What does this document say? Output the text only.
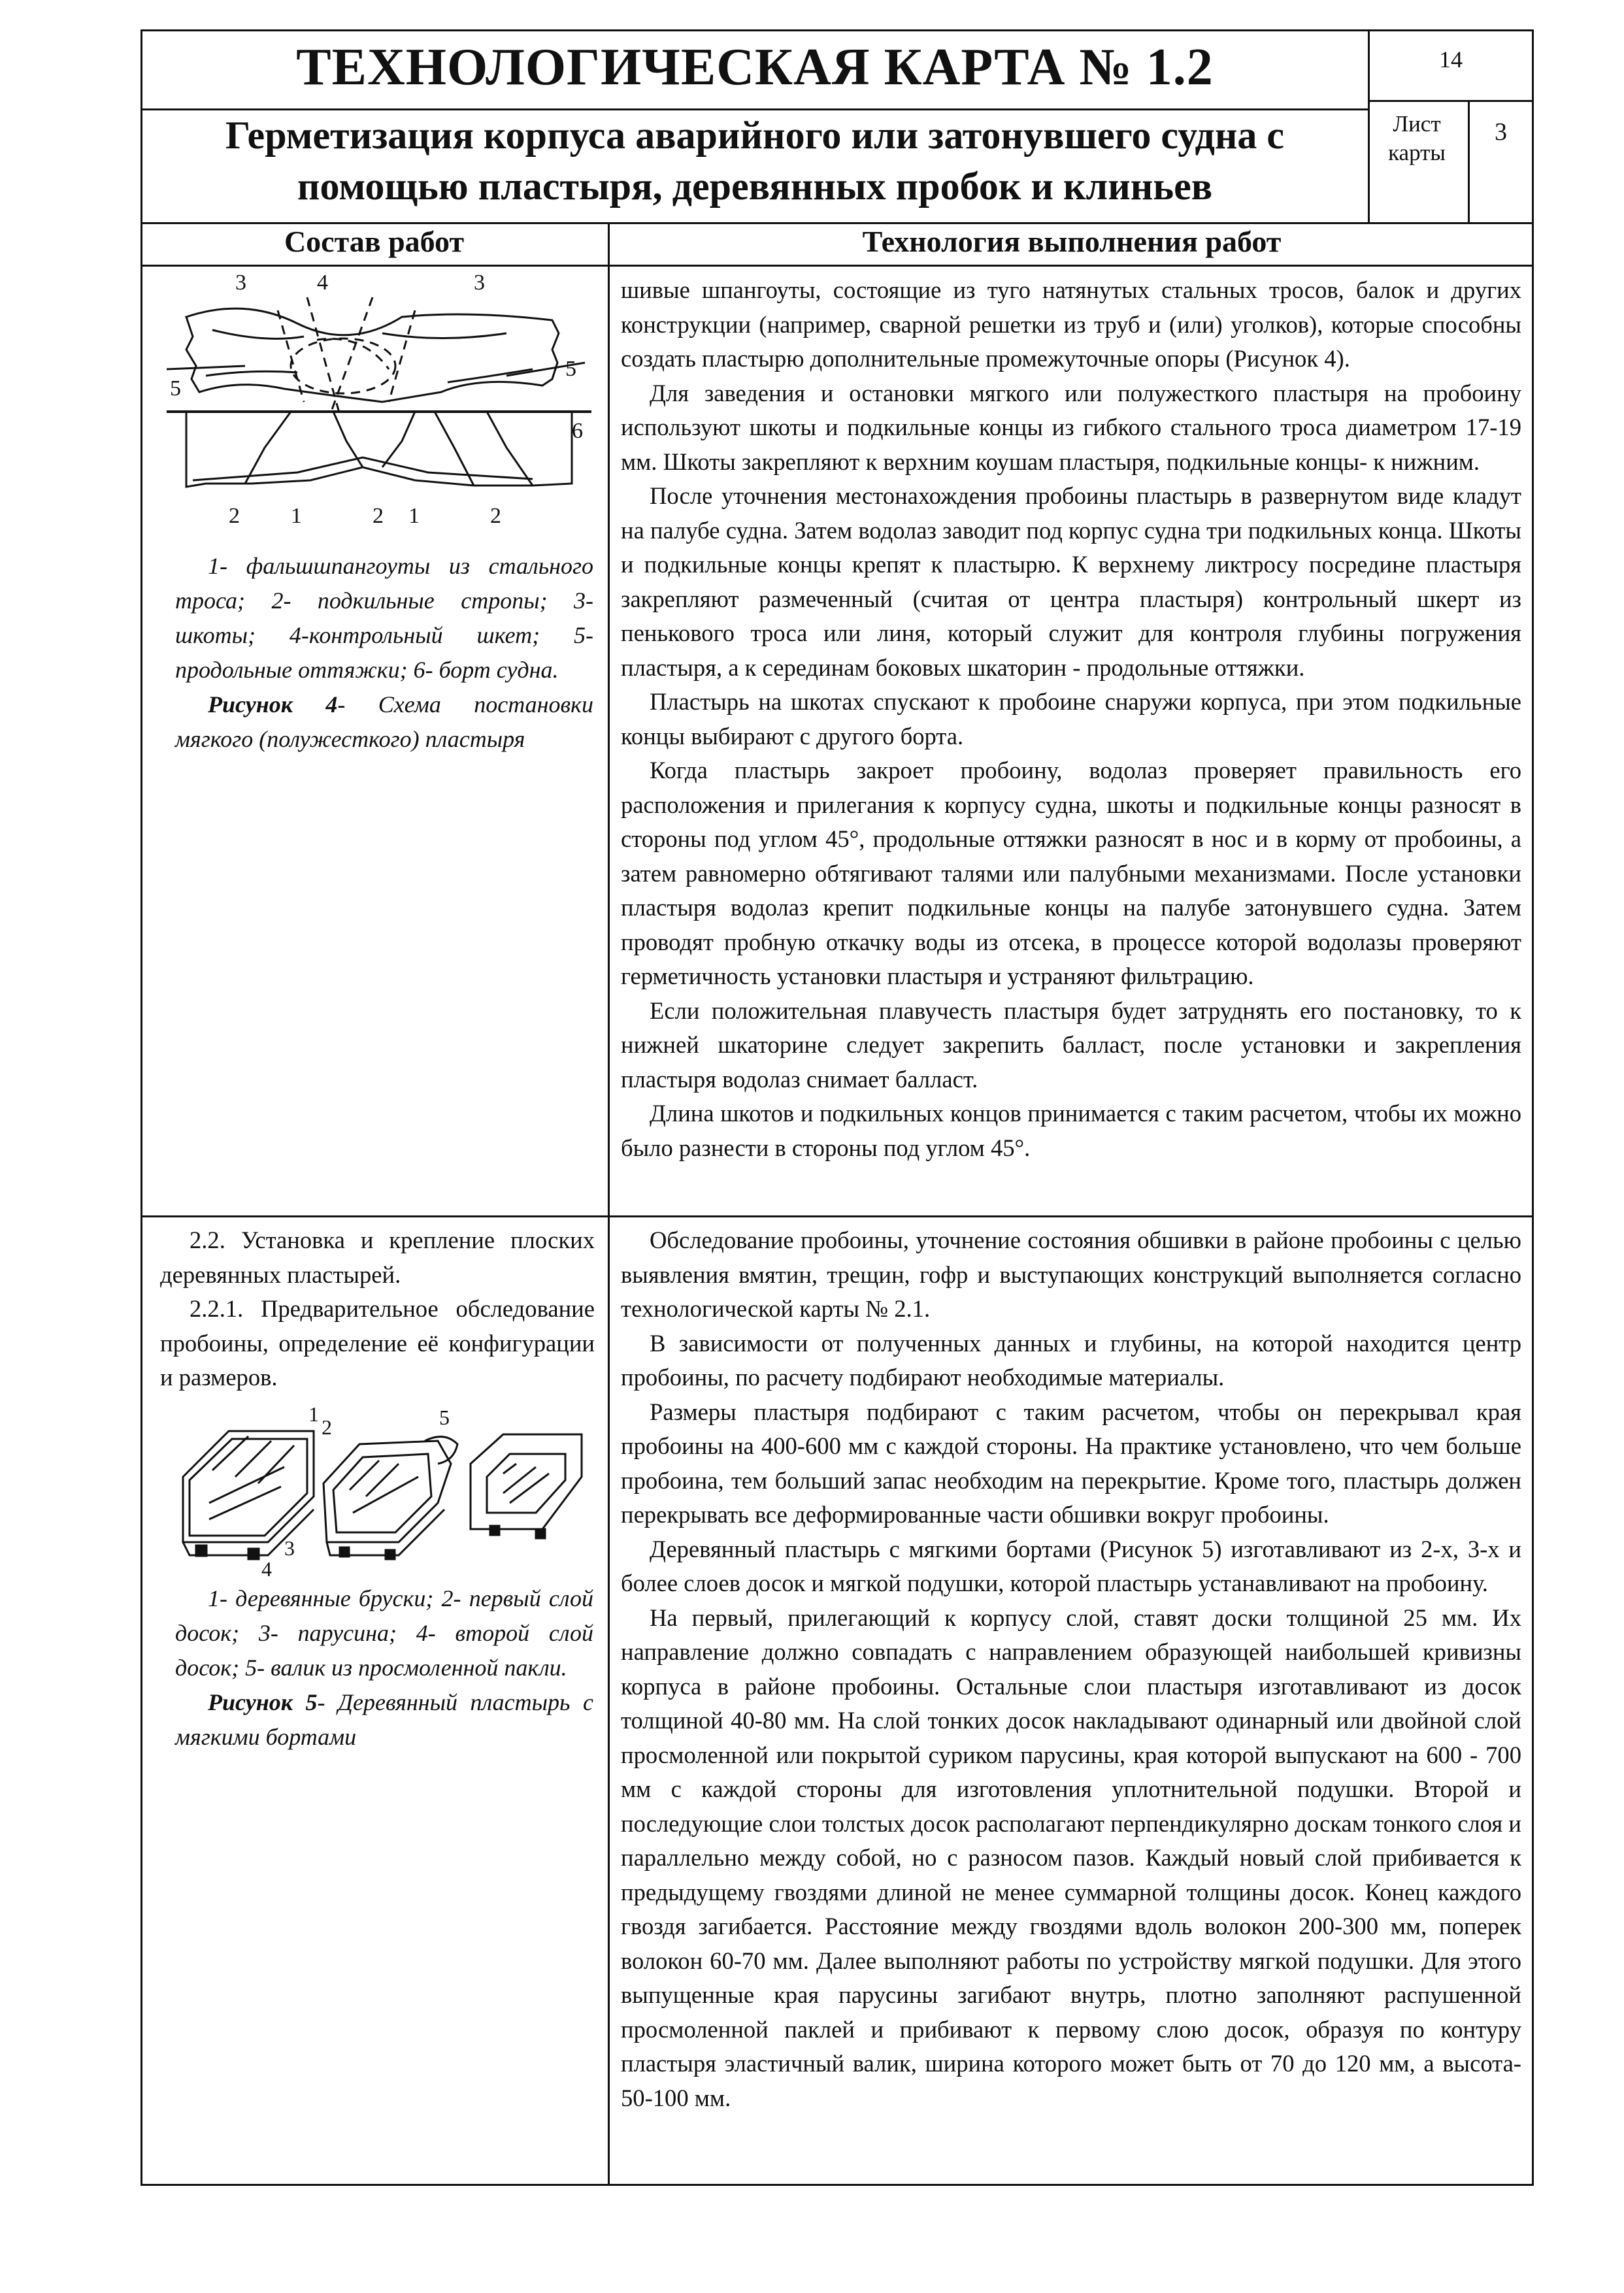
ТЕХНОЛОГИЧЕСКАЯ КАРТА № 1.2
Герметизация корпуса аварийного или затонувшего судна с
помощью пластыря, деревянных пробок и клиньев
14
Лист
карты
3
Состав работ	Технология выполнения работ
3	4	3
5
5
6
2 1	2 1	2

1- фальшшпангоуты из стального троса; 2- подкильные стропы; 3- шкоты; 4-контрольный шкет; 5- продольные оттяжки; 6- борт судна.

Рисунок 4- Схема постановки мягкого (полужесткого) пластыря

шивые шпангоуты, состоящие из туго натянутых стальных тросов, балок и других конструкции (например, сварной решетки из труб и (или) уголков), которые способны создать пластырю дополнительные промежуточные опоры (Рисунок 4).

Для заведения и остановки мягкого или полужесткого пластыря на пробоину используют шкоты и подкильные концы из гибкого стального троса диаметром 17-19 мм. Шкоты закрепляют к верхним коушам пластыря, подкильные концы- к нижним.

После уточнения местонахождения пробоины пластырь в развернутом виде кладут на палубе судна. Затем водолаз заводит под корпус судна три подкильных конца. Шкоты и подкильные концы крепят к пластырю. К верхнему ликтросу посредине пластыря закрепляют размеченный (считая от центра пластыря) контрольный шкерт из пенькового троса или линя, который служит для контроля глубины погружения пластыря, а к серединам боковых шкаторин - продольные оттяжки.

Пластырь на шкотах спускают к пробоине снаружи корпуса, при этом подкильные концы выбирают с другого борта.

Когда пластырь закроет пробоину, водолаз проверяет правильность его расположения и прилегания к корпусу судна, шкоты и подкильные концы разносят в стороны под углом 45°, продольные оттяжки разносят в нос и в корму от пробоины, а затем равномерно обтягивают талями или палубными механизмами. После установки пластыря водолаз крепит подкильные концы на палубе затонувшего судна. Затем проводят пробную откачку воды из отсека, в процессе которой водолазы проверяют герметичность установки пластыря и устраняют фильтрацию.

Если положительная плавучесть пластыря будет затруднять его постановку, то к нижней шкаторине следует закрепить балласт, после установки и закрепления пластыря водолаз снимает балласт.

Длина шкотов и подкильных концов принимается с таким расчетом, чтобы их можно было разнести в стороны под углом 45°.

2.2. Установка и крепление плоских деревянных пластырей.

2.2.1. Предварительное обследование пробоины, определение её конфигурации и размеров.

1
2	5
3
4

1- деревянные бруски; 2- первый слой досок; 3- парусина; 4- второй слой досок; 5- валик из просмоленной пакли.

Рисунок 5- Деревянный пластырь с мягкими бортами

Обследование пробоины, уточнение состояния обшивки в районе пробоины с целью выявления вмятин, трещин, гофр и выступающих конструкций выполняется согласно технологической карты № 2.1.

В зависимости от полученных данных и глубины, на которой находится центр пробоины, по расчету подбирают необходимые материалы.

Размеры пластыря подбирают с таким расчетом, чтобы он перекрывал края пробоины на 400-600 мм с каждой стороны. На практике установлено, что чем больше пробоина, тем больший запас необходим на перекрытие. Кроме того, пластырь должен перекрывать все деформированные части обшивки вокруг пробоины.

Деревянный пластырь с мягкими бортами (Рисунок 5) изготавливают из 2-х, 3-х и более слоев досок и мягкой подушки, которой пластырь устанавливают на пробоину.

На первый, прилегающий к корпусу слой, ставят доски толщиной 25 мм. Их направление должно совпадать с направлением образующей наибольшей кривизны корпуса в районе пробоины. Остальные слои пластыря изготавливают из досок толщиной 40-80 мм. На слой тонких досок накладывают одинарный или двойной слой просмоленной или покрытой суриком парусины, края которой выпускают на 600 - 700 мм с каждой стороны для изготовления уплотнительной подушки. Второй и последующие слои толстых досок располагают перпендикулярно доскам тонкого слоя и параллельно между собой, но с разносом пазов. Каждый новый слой прибивается к предыдущему гвоздями длиной не менее суммарной толщины досок. Конец каждого гвоздя загибается. Расстояние между гвоздями вдоль волокон 200-300 мм, поперек волокон 60-70 мм. Далее выполняют работы по устройству мягкой подушки. Для этого выпущенные края парусины загибают внутрь, плотно заполняют распушенной просмоленной паклей и прибивают к первому слою досок, образуя по контуру пластыря эластичный валик, ширина которого может быть от 70 до 120 мм, а высота- 50-100 мм.
